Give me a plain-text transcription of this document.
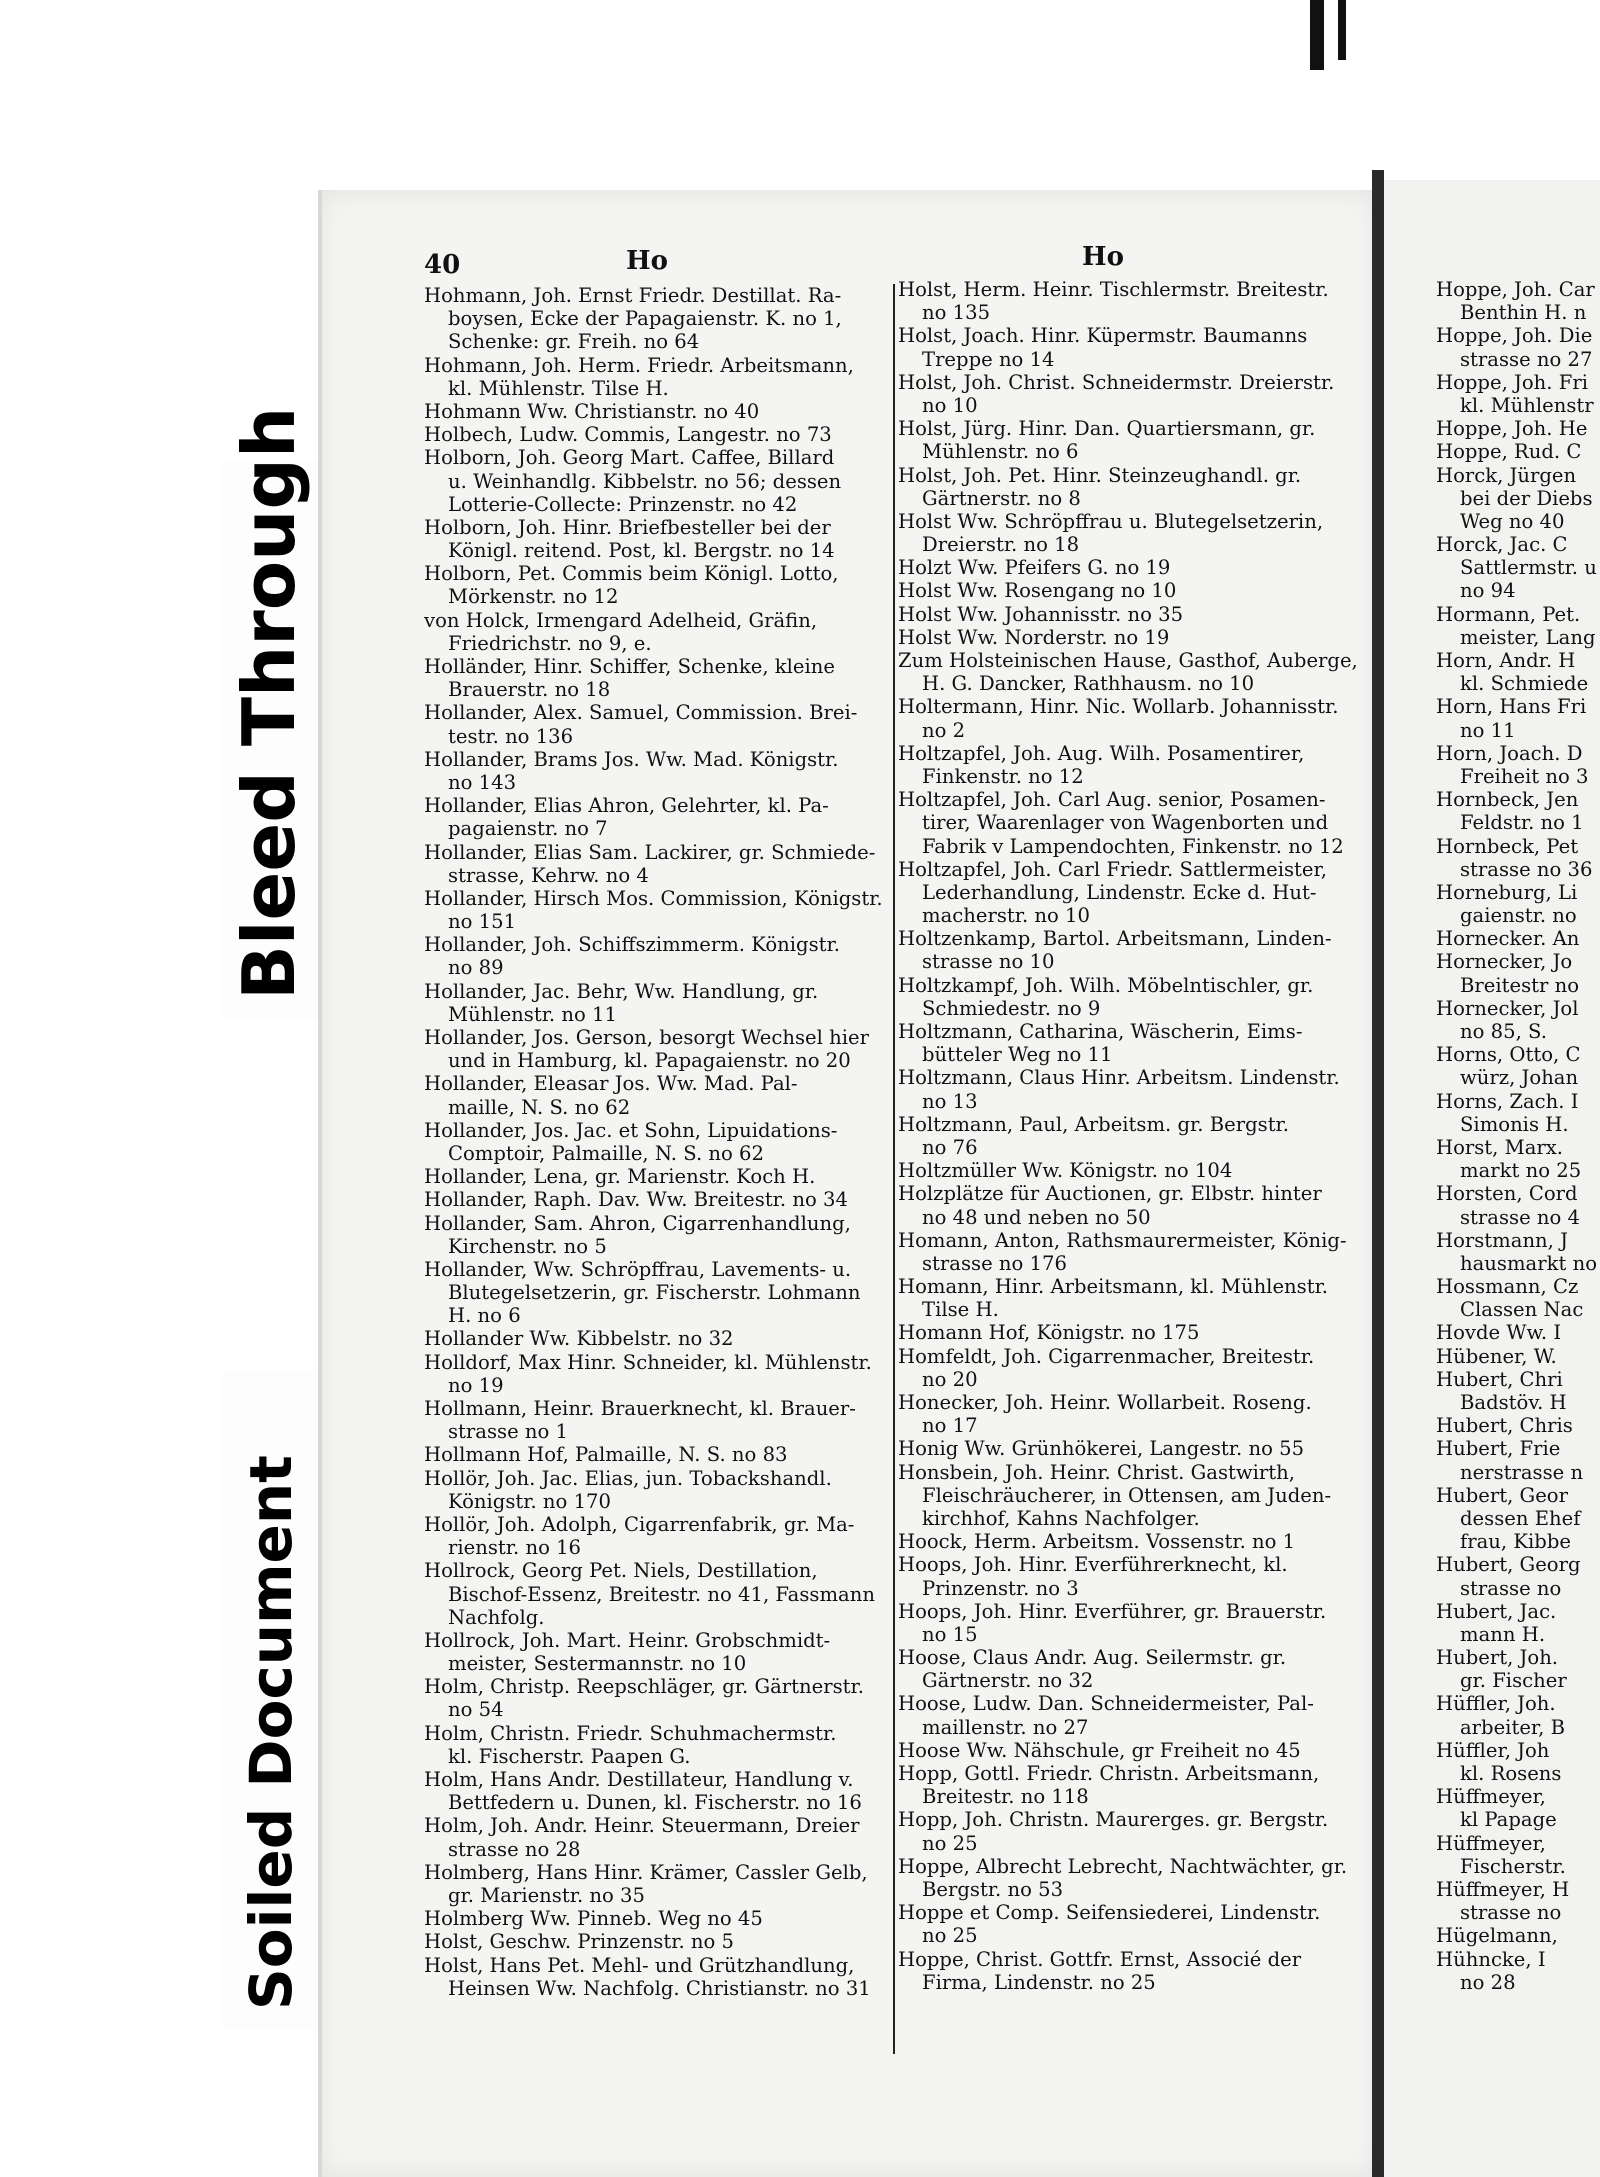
Bleed Through
Soiled Document
40	Ho	Ho
Hohmann, Joh. Ernst Friedr. Destillat. Ra-
boysen, Ecke der Papagaienstr. K. no 1,
Schenke: gr. Freih. no 64
Hohmann, Joh. Herm. Friedr. Arbeitsmann,
kl. Mühlenstr. Tilse H.
Hohmann Ww. Christianstr. no 40
Holbech, Ludw. Commis, Langestr. no 73
Holborn, Joh. Georg Mart. Caffee, Billard
u. Weinhandlg. Kibbelstr. no 56; dessen
Lotterie-Collecte: Prinzenstr. no 42
Holborn, Joh. Hinr. Briefbesteller bei der
Königl. reitend. Post, kl. Bergstr. no 14
Holborn, Pet. Commis beim Königl. Lotto,
Mörkenstr. no 12
von Holck, Irmengard Adelheid, Gräfin,
Friedrichstr. no 9, e.
Holländer, Hinr. Schiffer, Schenke, kleine
Brauerstr. no 18
Hollander, Alex. Samuel, Commission. Brei-
testr. no 136
Hollander, Brams Jos. Ww. Mad. Königstr.
no 143
Hollander, Elias Ahron, Gelehrter, kl. Pa-
pagaienstr. no 7
Hollander, Elias Sam. Lackirer, gr. Schmiede-
strasse, Kehrw. no 4
Hollander, Hirsch Mos. Commission, Königstr.
no 151
Hollander, Joh. Schiffszimmerm. Königstr.
no 89
Hollander, Jac. Behr, Ww. Handlung, gr.
Mühlenstr. no 11
Hollander, Jos. Gerson, besorgt Wechsel hier
und in Hamburg, kl. Papagaienstr. no 20
Hollander, Eleasar Jos. Ww. Mad. Pal-
maille, N. S. no 62
Hollander, Jos. Jac. et Sohn, Lipuidations-
Comptoir, Palmaille, N. S. no 62
Hollander, Lena, gr. Marienstr. Koch H.
Hollander, Raph. Dav. Ww. Breitestr. no 34
Hollander, Sam. Ahron, Cigarrenhandlung,
Kirchenstr. no 5
Hollander, Ww. Schröpffrau, Lavements- u.
Blutegelsetzerin, gr. Fischerstr. Lohmann
H. no 6
Hollander Ww. Kibbelstr. no 32
Holldorf, Max Hinr. Schneider, kl. Mühlenstr.
no 19
Hollmann, Heinr. Brauerknecht, kl. Brauer-
strasse no 1
Hollmann Hof, Palmaille, N. S. no 83
Hollör, Joh. Jac. Elias, jun. Tobackshandl.
Königstr. no 170
Hollör, Joh. Adolph, Cigarrenfabrik, gr. Ma-
rienstr. no 16
Hollrock, Georg Pet. Niels, Destillation,
Bischof-Essenz, Breitestr. no 41, Fassmann
Nachfolg.
Hollrock, Joh. Mart. Heinr. Grobschmidt-
meister, Sestermannstr. no 10
Holm, Christp. Reepschläger, gr. Gärtnerstr.
no 54
Holm, Christn. Friedr. Schuhmachermstr.
kl. Fischerstr. Paapen G.
Holm, Hans Andr. Destillateur, Handlung v.
Bettfedern u. Dunen, kl. Fischerstr. no 16
Holm, Joh. Andr. Heinr. Steuermann, Dreier
strasse no 28
Holmberg, Hans Hinr. Krämer, Cassler Gelb,
gr. Marienstr. no 35
Holmberg Ww. Pinneb. Weg no 45
Holst, Geschw. Prinzenstr. no 5
Holst, Hans Pet. Mehl- und Grützhandlung,
Heinsen Ww. Nachfolg. Christianstr. no 31
Holst, Herm. Heinr. Tischlermstr. Breitestr.
no 135
Holst, Joach. Hinr. Küpermstr. Baumanns
Treppe no 14
Holst, Joh. Christ. Schneidermstr. Dreierstr.
no 10
Holst, Jürg. Hinr. Dan. Quartiersmann, gr.
Mühlenstr. no 6
Holst, Joh. Pet. Hinr. Steinzeughandl. gr.
Gärtnerstr. no 8
Holst Ww. Schröpffrau u. Blutegelsetzerin,
Dreierstr. no 18
Holzt Ww. Pfeifers G. no 19
Holst Ww. Rosengang no 10
Holst Ww. Johannisstr. no 35
Holst Ww. Norderstr. no 19
Zum Holsteinischen Hause, Gasthof, Auberge,
H. G. Dancker, Rathhausm. no 10
Holtermann, Hinr. Nic. Wollarb. Johannisstr.
no 2
Holtzapfel, Joh. Aug. Wilh. Posamentirer,
Finkenstr. no 12
Holtzapfel, Joh. Carl Aug. senior, Posamen-
tirer, Waarenlager von Wagenborten und
Fabrik v Lampendochten, Finkenstr. no 12
Holtzapfel, Joh. Carl Friedr. Sattlermeister,
Lederhandlung, Lindenstr. Ecke d. Hut-
macherstr. no 10
Holtzenkamp, Bartol. Arbeitsmann, Linden-
strasse no 10
Holtzkampf, Joh. Wilh. Möbelntischler, gr.
Schmiedestr. no 9
Holtzmann, Catharina, Wäscherin, Eims-
bütteler Weg no 11
Holtzmann, Claus Hinr. Arbeitsm. Lindenstr.
no 13
Holtzmann, Paul, Arbeitsm. gr. Bergstr.
no 76
Holtzmüller Ww. Königstr. no 104
Holzplätze für Auctionen, gr. Elbstr. hinter
no 48 und neben no 50
Homann, Anton, Rathsmaurermeister, König-
strasse no 176
Homann, Hinr. Arbeitsmann, kl. Mühlenstr.
Tilse H.
Homann Hof, Königstr. no 175
Homfeldt, Joh. Cigarrenmacher, Breitestr.
no 20
Honecker, Joh. Heinr. Wollarbeit. Roseng.
no 17
Honig Ww. Grünhökerei, Langestr. no 55
Honsbein, Joh. Heinr. Christ. Gastwirth,
Fleischräucherer, in Ottensen, am Juden-
kirchhof, Kahns Nachfolger.
Hoock, Herm. Arbeitsm. Vossenstr. no 1
Hoops, Joh. Hinr. Everführerknecht, kl.
Prinzenstr. no 3
Hoops, Joh. Hinr. Everführer, gr. Brauerstr.
no 15
Hoose, Claus Andr. Aug. Seilermstr. gr.
Gärtnerstr. no 32
Hoose, Ludw. Dan. Schneidermeister, Pal-
maillenstr. no 27
Hoose Ww. Nähschule, gr Freiheit no 45
Hopp, Gottl. Friedr. Christn. Arbeitsmann,
Breitestr. no 118
Hopp, Joh. Christn. Maurerges. gr. Bergstr.
no 25
Hoppe, Albrecht Lebrecht, Nachtwächter, gr.
Bergstr. no 53
Hoppe et Comp. Seifensiederei, Lindenstr.
no 25
Hoppe, Christ. Gottfr. Ernst, Associé der
Firma, Lindenstr. no 25
Hoppe, Joh. Car
Benthin H. n
Hoppe, Joh. Die
strasse no 27
Hoppe, Joh. Fri
kl. Mühlenstr
Hoppe, Joh. He
Hoppe, Rud. C
Horck, Jürgen
bei der Diebs
Weg no 40
Horck, Jac. C
Sattlermstr. u
no 94
Hormann, Pet.
meister, Lang
Horn, Andr. H
kl. Schmiede
Horn, Hans Fri
no 11
Horn, Joach. D
Freiheit no 3
Hornbeck, Jen
Feldstr. no 1
Hornbeck, Pet
strasse no 36
Horneburg, Li
gaienstr. no
Hornecker. An
Hornecker, Jo
Breitestr no
Hornecker, Jol
no 85, S.
Horns, Otto, C
würz, Johan
Horns, Zach. I
Simonis H.
Horst, Marx.
markt no 25
Horsten, Cord
strasse no 4
Horstmann, J
hausmarkt no
Hossmann, Cz
Classen Nac
Hovde Ww. I
Hübener, W.
Hubert, Chri
Badstöv. H
Hubert, Chris
Hubert, Frie
nerstrasse n
Hubert, Geor
dessen Ehef
frau, Kibbe
Hubert, Georg
strasse no
Hubert, Jac.
mann H.
Hubert, Joh.
gr. Fischer
Hüffler, Joh.
arbeiter, B
Hüffler, Joh
kl. Rosens
Hüffmeyer,
kl Papage
Hüffmeyer,
Fischerstr.
Hüffmeyer, H
strasse no
Hügelmann,
Hühncke, I
no 28
